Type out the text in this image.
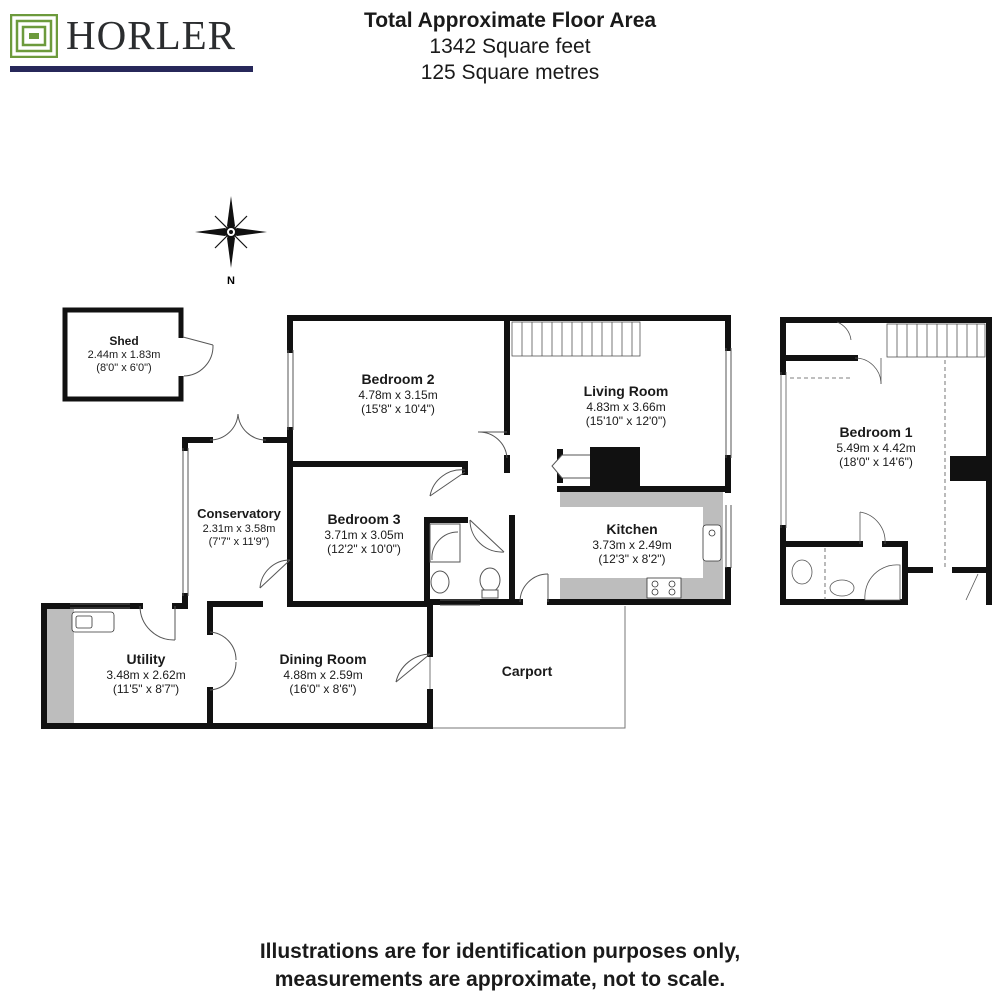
HORLER	Total Approximate Floor Area
1342 Square feet
125 Square metres
N
Shed
2.44m x 1.83m
(8'0" x 6'0")
Bedroom 2
4.78m x 3.15m
(15'8" x 10'4")
Living Room
4.83m x 3.66m
(15'10" x 12'0")
Conservatory
2.31m x 3.58m
(7'7" x 11'9")
Bedroom 3
3.71m x 3.05m
(12'2" x 10'0")
Kitchen
3.73m x 2.49m
(12'3" x 8'2")
Utility
3.48m x 2.62m
(11'5" x 8'7")
Dining Room
4.88m x 2.59m
(16'0" x 8'6")
Carport
Bedroom 1
5.49m x 4.42m
(18'0" x 14'6")
Illustrations are for identification purposes only,
measurements are approximate, not to scale.
